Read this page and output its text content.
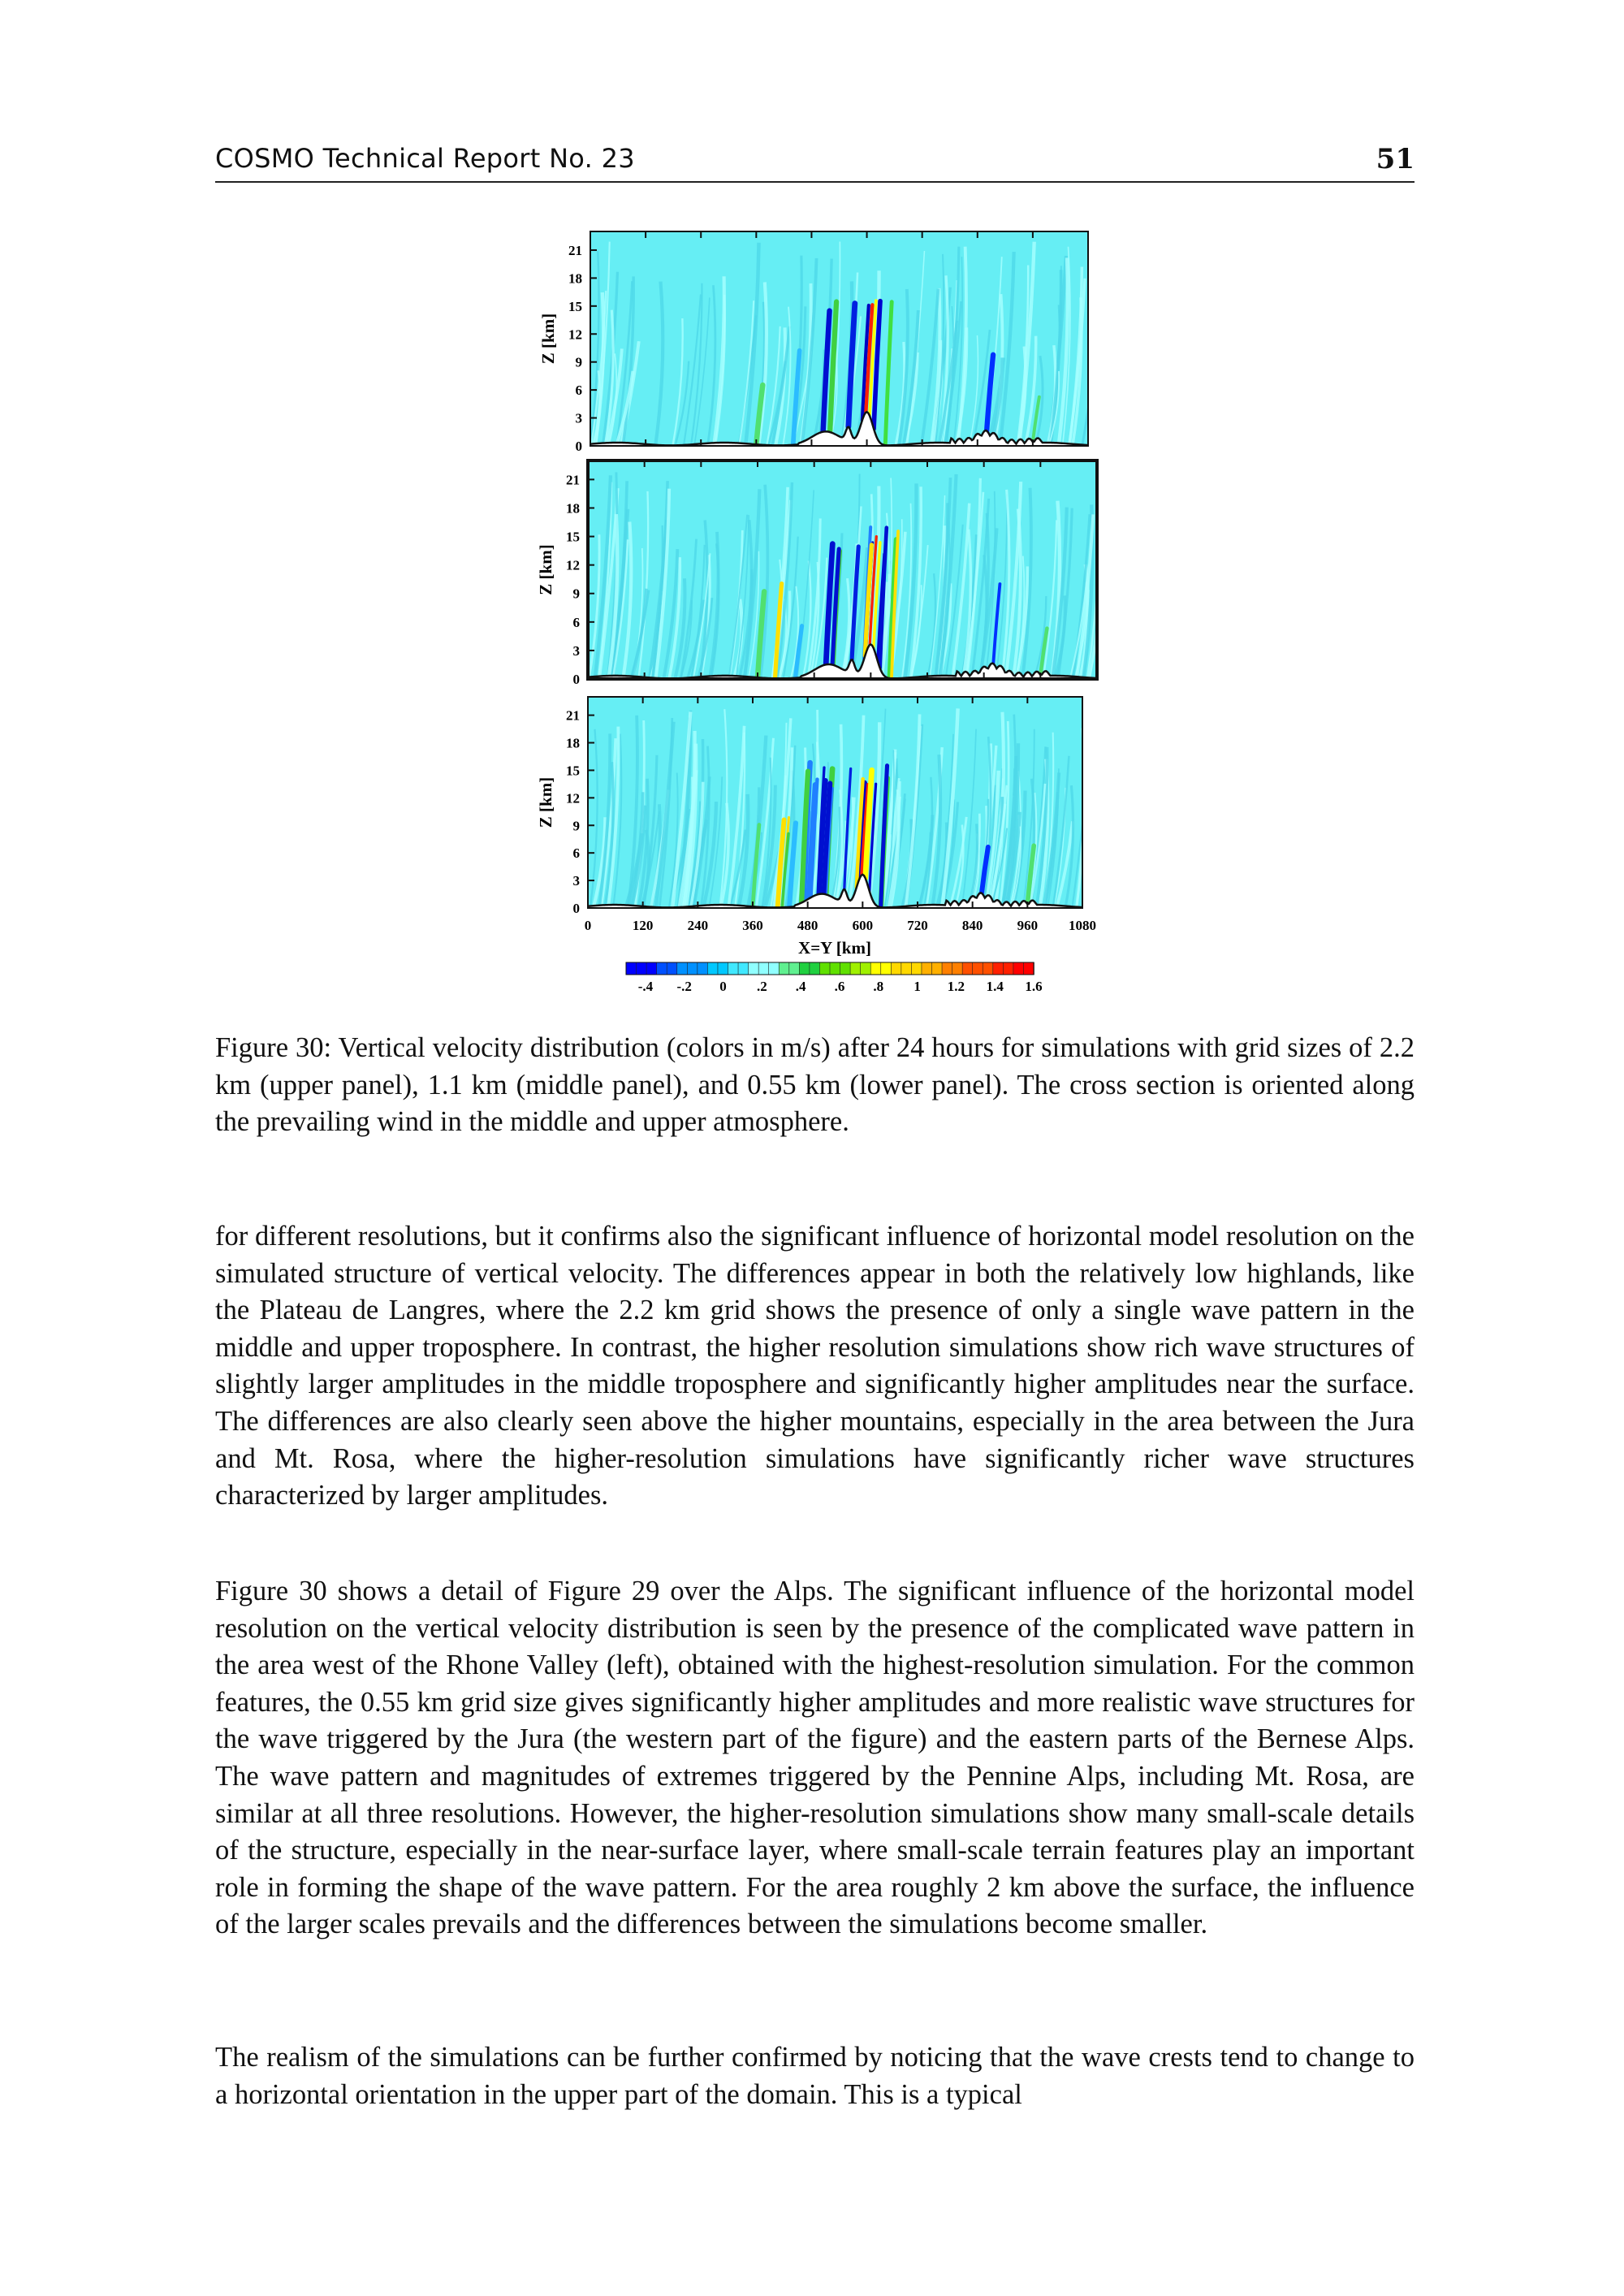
COSMO Technical Report No. 23	51
0
3
6
9
12
15
18
21
Z [km]
0
3
6
9
12
15
18
21
Z [km]
0
3
6
9
12
15
18
21
Z [km]
0	120 240 360 480 600 720 840 960 1080
X=Y [km]
-.4 -.2 0 .2 .4 .6 .8 1 1.2 1.4 1.6
Figure 30: Vertical velocity distribution (colors in m/s) after 24 hours for simulations with grid sizes of 2.2 km (upper panel), 1.1 km (middle panel), and 0.55 km (lower panel). The cross section is oriented along the prevailing wind in the middle and upper atmosphere.
for different resolutions, but it confirms also the significant influence of horizontal model resolution on the simulated structure of vertical velocity. The differences appear in both the relatively low highlands, like the Plateau de Langres, where the 2.2 km grid shows the presence of only a single wave pattern in the middle and upper troposphere. In contrast, the higher resolution simulations show rich wave structures of slightly larger amplitudes in the middle troposphere and significantly higher amplitudes near the surface. The differences are also clearly seen above the higher mountains, especially in the area between the Jura and Mt. Rosa, where the higher-resolution simulations have significantly richer wave structures characterized by larger amplitudes.
Figure 30 shows a detail of Figure 29 over the Alps. The significant influence of the horizontal model resolution on the vertical velocity distribution is seen by the presence of the complicated wave pattern in the area west of the Rhone Valley (left), obtained with the highest-resolution simulation. For the common features, the 0.55 km grid size gives significantly higher amplitudes and more realistic wave structures for the wave triggered by the Jura (the western part of the figure) and the eastern parts of the Bernese Alps. The wave pattern and magnitudes of extremes triggered by the Pennine Alps, including Mt. Rosa, are similar at all three resolutions. However, the higher-resolution simulations show many small-scale details of the structure, especially in the near-surface layer, where small-scale terrain features play an important role in forming the shape of the wave pattern. For the area roughly 2 km above the surface, the influence of the larger scales prevails and the differences between the simulations become smaller.
The realism of the simulations can be further confirmed by noticing that the wave crests tend to change to a horizontal orientation in the upper part of the domain. This is a typical
